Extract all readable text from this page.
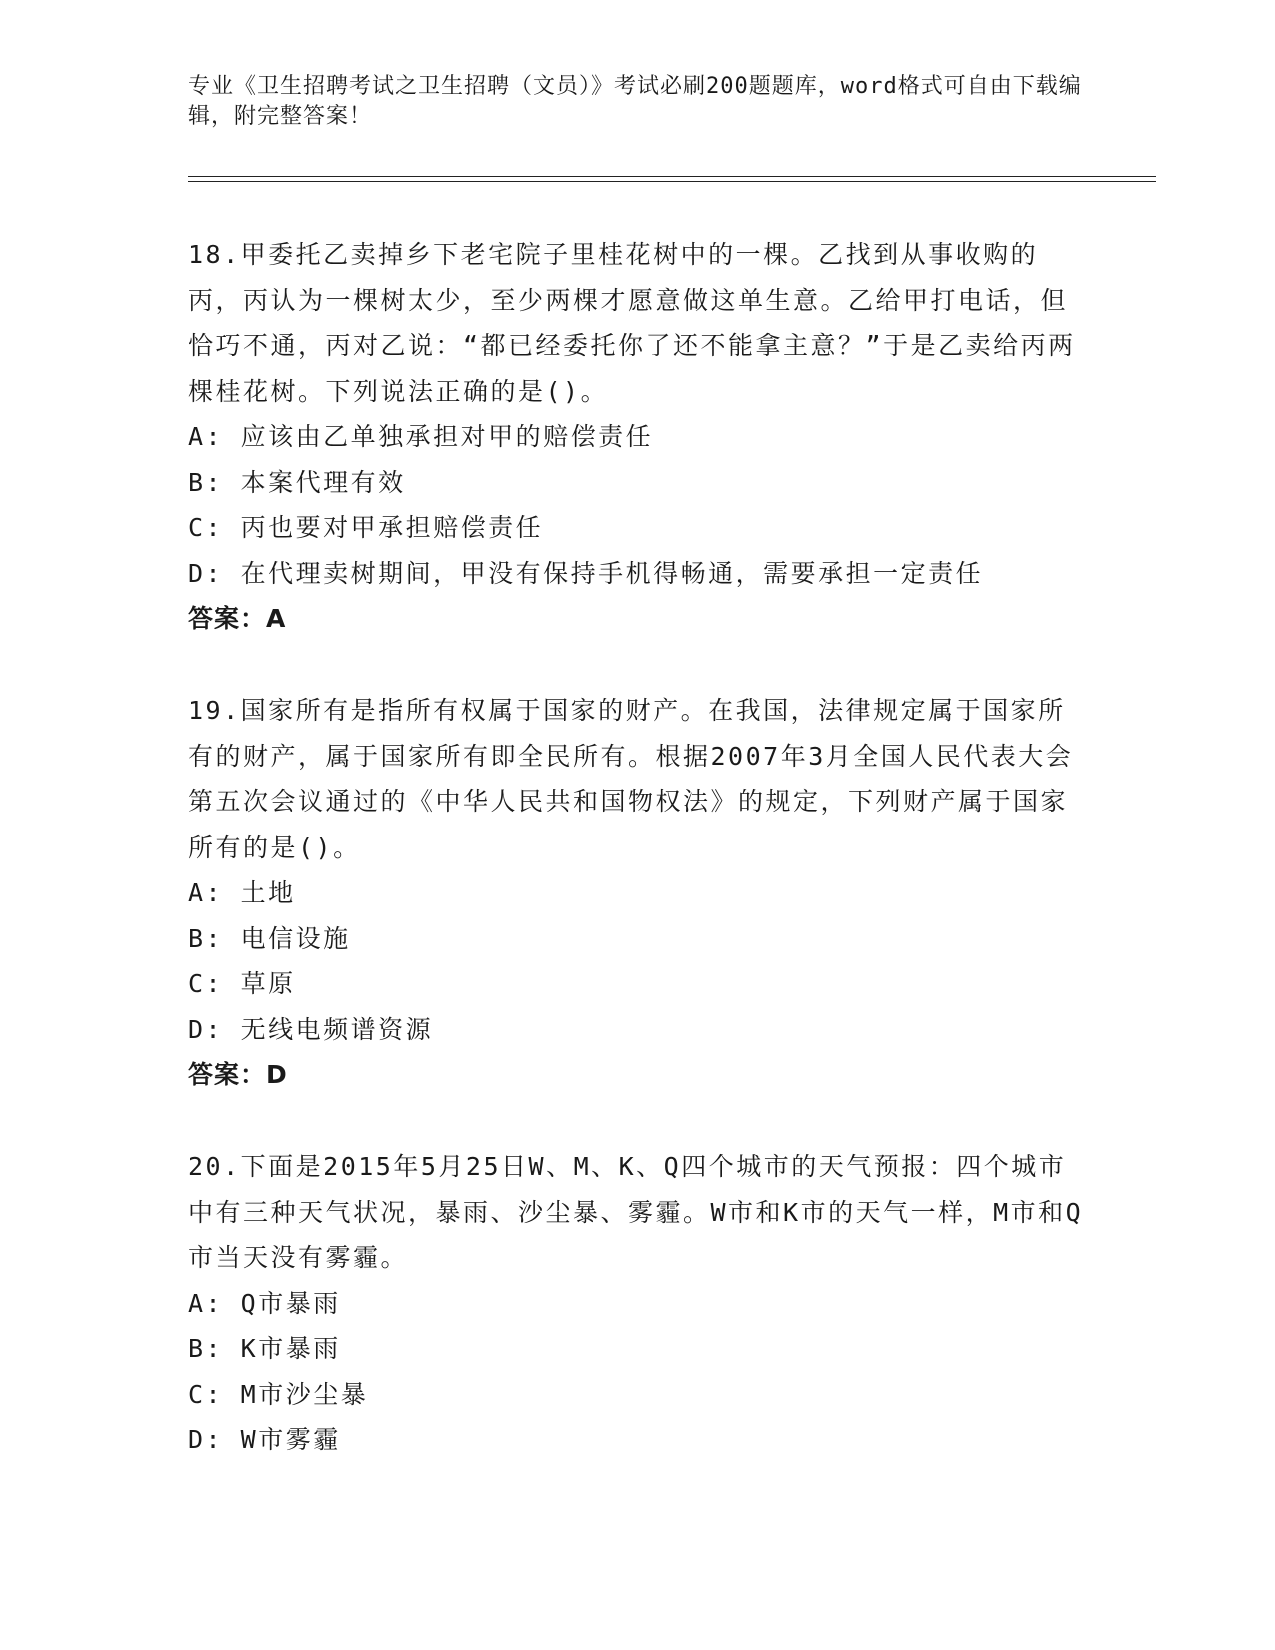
专业《卫生招聘考试之卫生招聘（文员）》考试必刷200题题库，word格式可自由下载编辑，附完整答案！

18.甲委托乙卖掉乡下老宅院子里桂花树中的一棵。乙找到从事收购的丙，丙认为一棵树太少，至少两棵才愿意做这单生意。乙给甲打电话，但恰巧不通，丙对乙说：“都已经委托你了还不能拿主意？”于是乙卖给丙两棵桂花树。下列说法正确的是()。

A: 应该由乙单独承担对甲的赔偿责任

B: 本案代理有效

C: 丙也要对甲承担赔偿责任

D: 在代理卖树期间，甲没有保持手机得畅通，需要承担一定责任

答案：A

19.国家所有是指所有权属于国家的财产。在我国，法律规定属于国家所有的财产，属于国家所有即全民所有。根据2007年3月全国人民代表大会第五次会议通过的《中华人民共和国物权法》的规定，下列财产属于国家所有的是()。

A: 土地

B: 电信设施

C: 草原

D: 无线电频谱资源

答案：D

20.下面是2015年5月25日W、M、K、Q四个城市的天气预报：四个城市中有三种天气状况，暴雨、沙尘暴、雾霾。W市和K市的天气一样，M市和Q市当天没有雾霾。

A: Q市暴雨

B: K市暴雨

C: M市沙尘暴

D: W市雾霾
